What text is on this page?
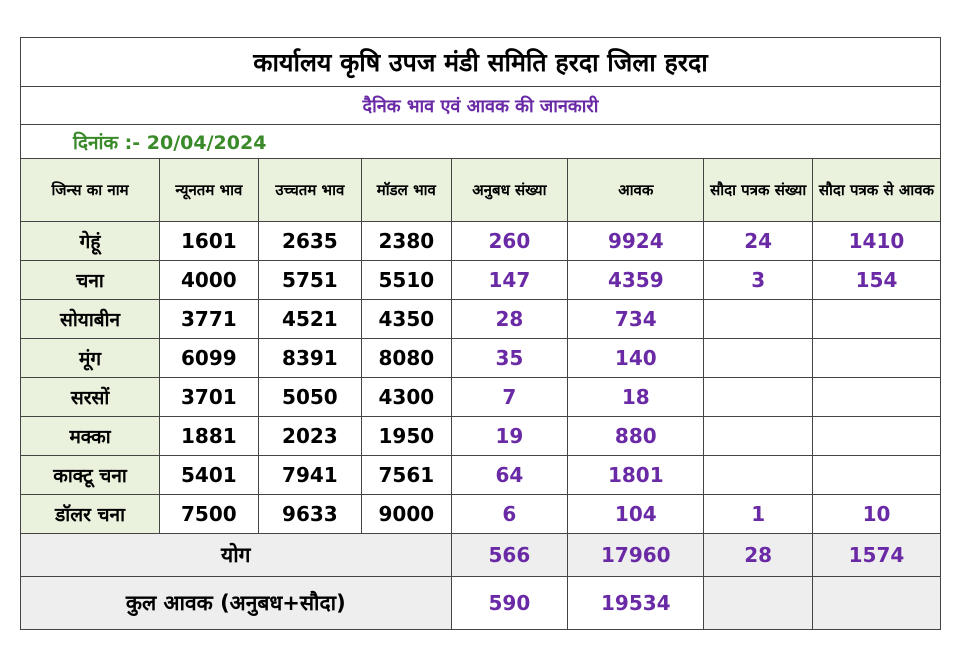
कार्यालय कृषि उपज मंडी समिति हरदा जिला हरदा							
दैनिक भाव एवं आवक की जानकारी							
दिनांक :- 20/04/2024							
जिन्स का नाम	न्यूनतम भाव	उच्चतम भाव	मॉडल भाव	अनुबध संख्या	आवक	सौदा पत्रक संख्या	सौदा पत्रक से आवक
गेहूं	1601	2635	2380	260	9924	24	1410
चना	4000	5751	5510	147	4359	3	154
सोयाबीन	3771	4521	4350	28	734		
मूंग	6099	8391	8080	35	140		
सरसों	3701	5050	4300	7	18		
मक्का	1881	2023	1950	19	880		
काक्टू चना	5401	7941	7561	64	1801		
डॉलर चना	7500	9633	9000	6	104	1	10
योग				566	17960	28	1574
कुल आवक (अनुबध+सौदा)				590	19534		
